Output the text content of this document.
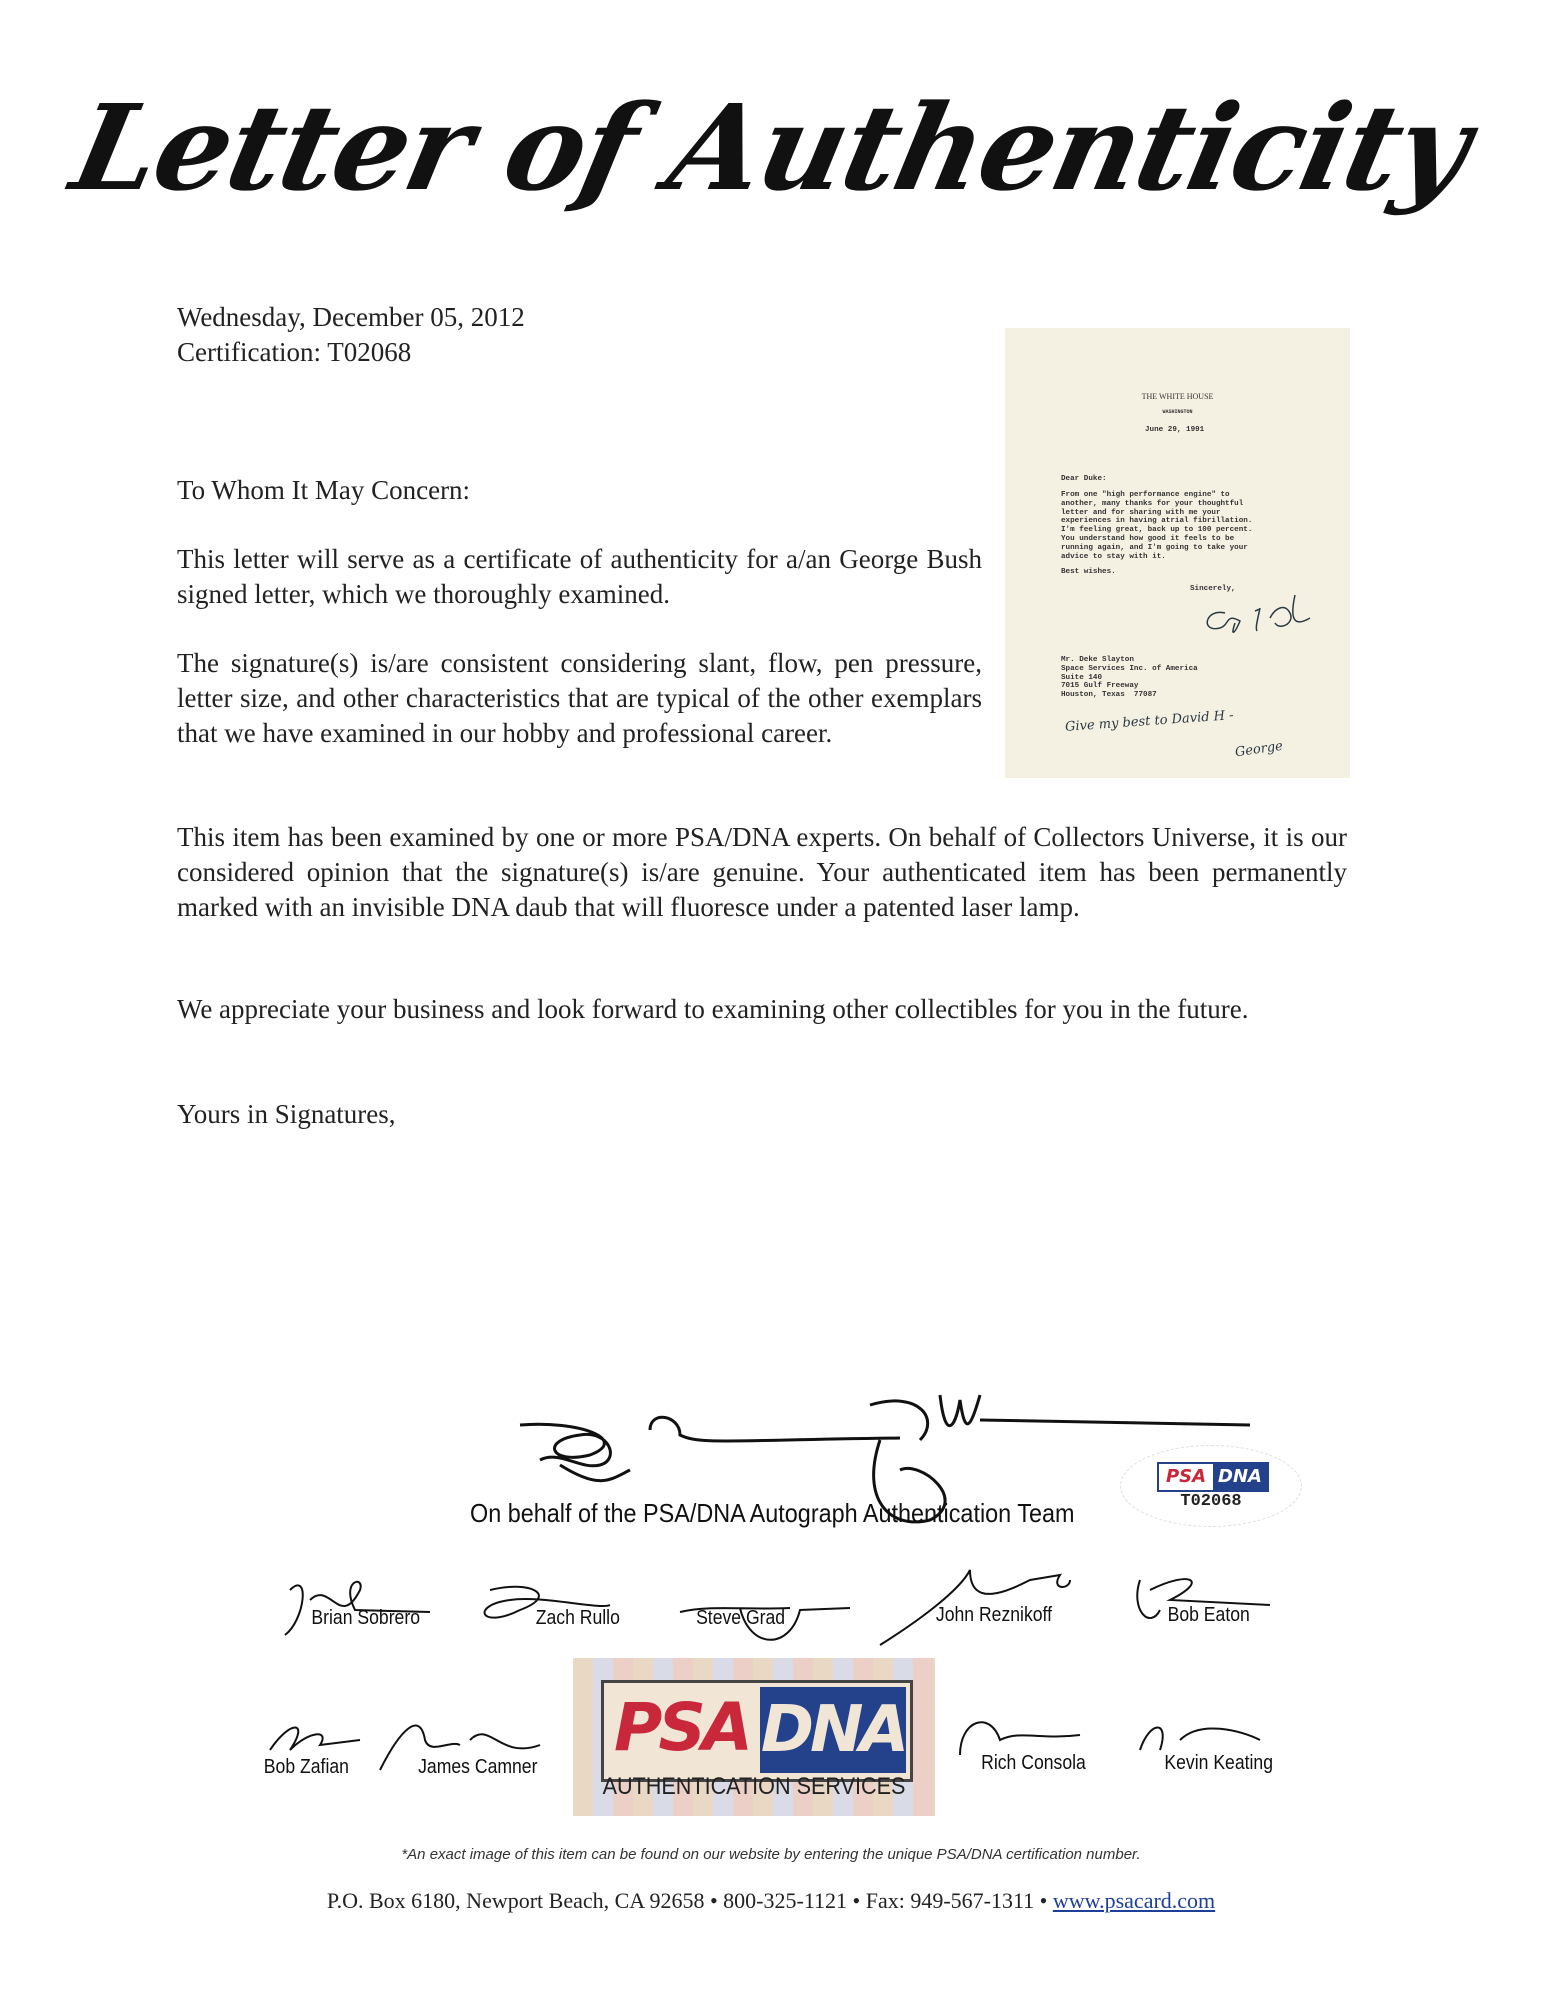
Letter of Authenticity
Wednesday, December 05, 2012
Certification: T02068
To Whom It May Concern:
This letter will serve as a certificate of authenticity for a/an George Bush signed letter, which we thoroughly examined.
The signature(s) is/are consistent considering slant, flow, pen pressure, letter size, and other characteristics that are typical of the other exemplars that we have examined in our hobby and professional career.
This item has been examined by one or more PSA/DNA experts. On behalf of Collectors Universe, it is our considered opinion that the signature(s) is/are genuine. Your authenticated item has been permanently marked with an invisible DNA daub that will fluoresce under a patented laser lamp.
We appreciate your business and look forward to examining other collectibles for you in the future.
Yours in Signatures,
THE WHITE HOUSE
WASHINGTON
June 29, 1991
Dear Duke:
From one "high performance engine" to
another, many thanks for your thoughtful
letter and for sharing with me your
experiences in having atrial fibrillation.
I'm feeling great, back up to 100 percent.
You understand how good it feels to be
running again, and I'm going to take your
advice to stay with it.
Best wishes.
Sincerely,
Mr. Deke Slayton
Space Services Inc. of America
Suite 140
7015 Gulf Freeway
Houston, Texas  77087
Give my best to David H -
George
On behalf of the PSA/DNA Autograph Authentication Team
PSA DNA
T02068
Brian Sobrero	Zach Rullo	Steve Grad	John Reznikoff	Bob Eaton
PSA DNA
AUTHENTICATION SERVICES
Bob Zafian	James Camner	Rich Consola	Kevin Keating
*An exact image of this item can be found on our website by entering the unique PSA/DNA certification number.
P.O. Box 6180, Newport Beach, CA 92658 • 800-325-1121 • Fax: 949-567-1311 • www.psacard.com
